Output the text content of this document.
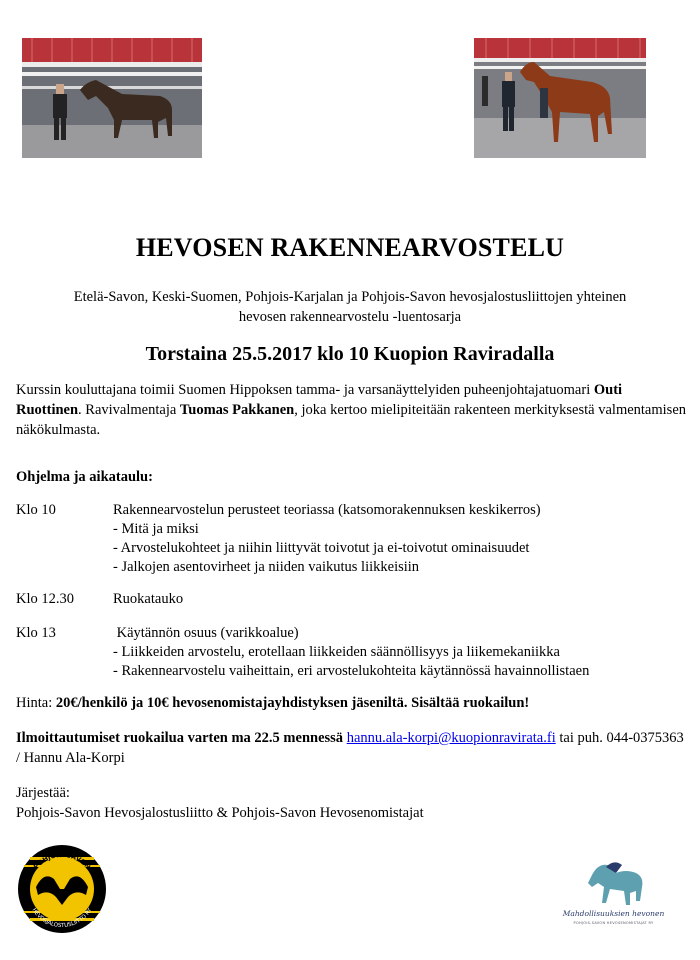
HEVOSEN RAKENNEARVOSTELU
Etelä-Savon, Keski-Suomen, Pohjois-Karjalan ja Pohjois-Savon hevosjalostusliittojen yhteinen
hevosen rakennearvostelu -luentosarja
Torstaina 25.5.2017 klo 10 Kuopion Raviradalla

Kurssin kouluttajana toimii Suomen Hippoksen tamma- ja varsanäyttelyiden puheenjohtajatuomari Outi Ruottinen. Ravivalmentaja Tuomas Pakkanen, joka kertoo mielipiteitään rakenteen merkityksestä valmentamisen näkökulmasta.

Ohjelma ja aikataulu:

Klo 10	Rakennearvostelun perusteet teoriassa (katsomorakennuksen keskikerros)
- Mitä ja miksi
- Arvostelukohteet ja niihin liittyvät toivotut ja ei-toivotut ominaisuudet
- Jalkojen asentovirheet ja niiden vaikutus liikkeisiin
Klo 12.30	Ruokatauko
Klo 13	Käytännön osuus (varikkoalue)
- Liikkeiden arvostelu, erotellaan liikkeiden säännöllisyys ja liikemekaniikka
- Rakennearvostelu vaiheittain, eri arvostelukohteita käytännössä havainnollistaen

Hinta: 20€/henkilö ja 10€ hevosenomistajayhdistyksen jäseniltä. Sisältää ruokailun!

Ilmoittautumiset ruokailua varten ma 22.5 mennessä hannu.ala-korpi@kuopionravirata.fi tai puh. 044-0375363 / Hannu Ala-Korpi

Järjestää:
Pohjois-Savon Hevosjalostusliitto & Pohjois-Savon Hevosenomistajat

POHJOIS-SAVON
HEVOSJALOSTUSLIITTO RY	Mahdollisuuksien hevonen
POHJOIS-SAVON HEVOSENOMISTAJAT RY
